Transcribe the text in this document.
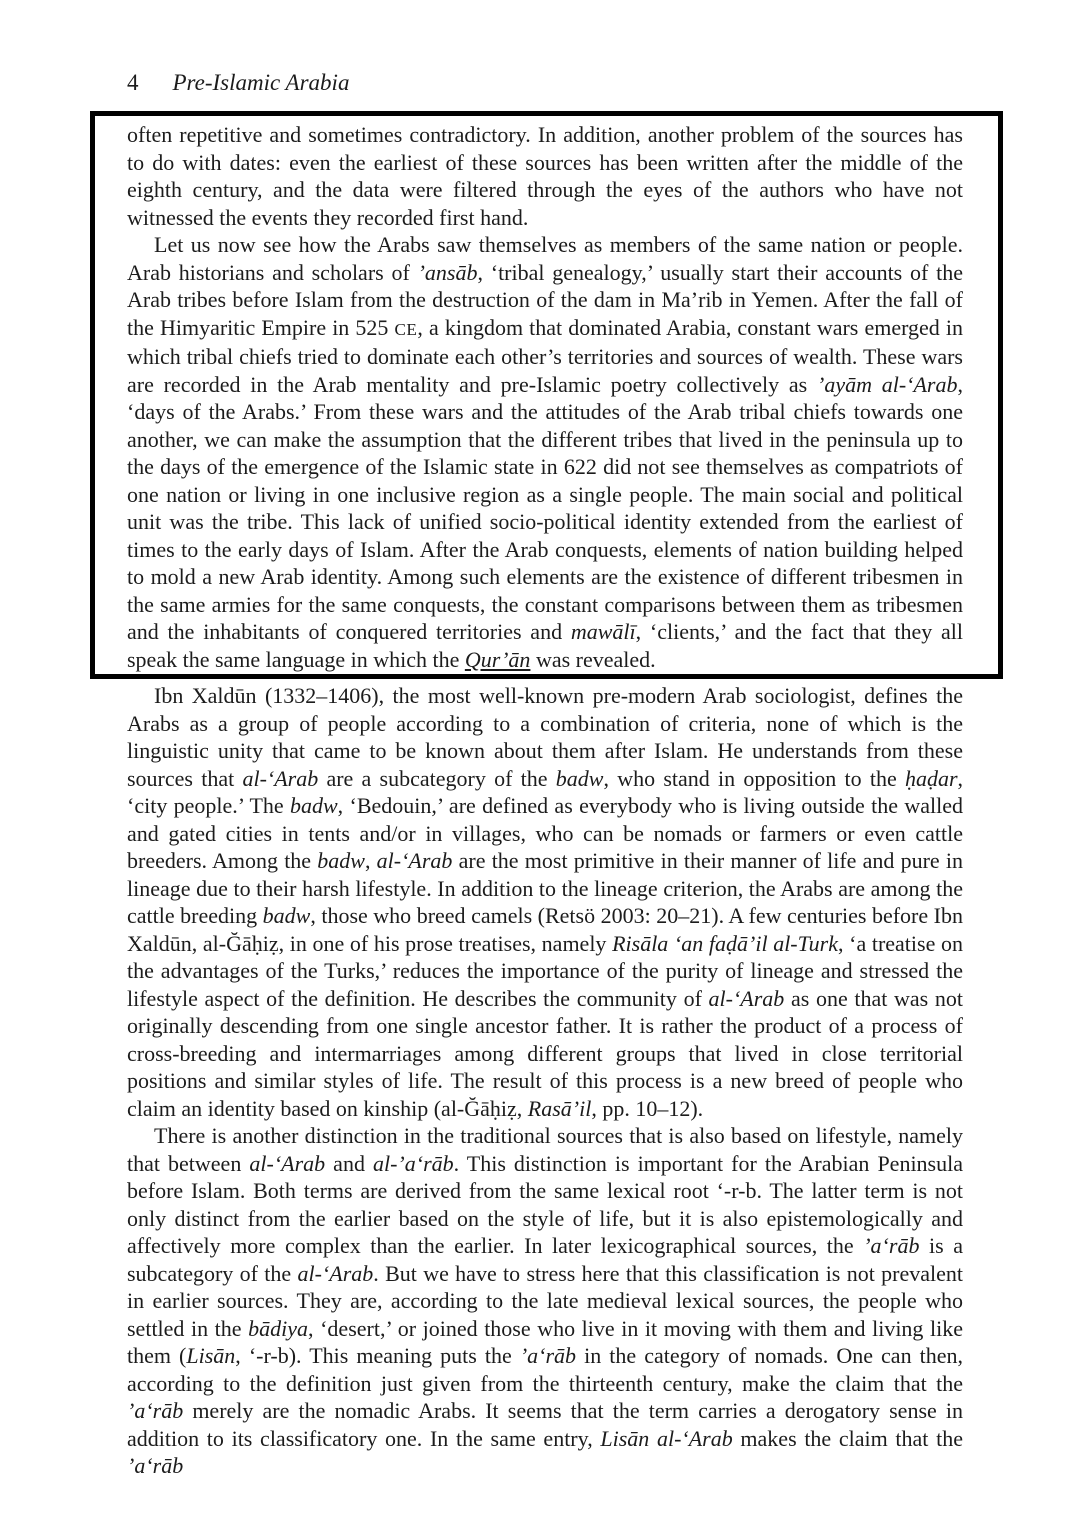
4 Pre-Islamic Arabia

often repetitive and sometimes contradictory. In addition, another problem of the sources has to do with dates: even the earliest of these sources has been written after the middle of the eighth century, and the data were filtered through the eyes of the authors who have not witnessed the events they recorded first hand.

Let us now see how the Arabs saw themselves as members of the same nation or people. Arab historians and scholars of ’ansāb, ‘tribal genealogy,’ usually start their accounts of the Arab tribes before Islam from the destruction of the dam in Ma’rib in Yemen. After the fall of the Himyaritic Empire in 525 CE, a kingdom that dominated Arabia, constant wars emerged in which tribal chiefs tried to dominate each other’s territories and sources of wealth. These wars are recorded in the Arab mentality and pre-Islamic poetry collectively as ’ayām al-‘Arab, ‘days of the Arabs.’ From these wars and the attitudes of the Arab tribal chiefs towards one another, we can make the assumption that the different tribes that lived in the peninsula up to the days of the emergence of the Islamic state in 622 did not see themselves as compatriots of one nation or living in one inclusive region as a single people. The main social and political unit was the tribe. This lack of unified socio-political identity extended from the earliest of times to the early days of Islam. After the Arab conquests, elements of nation building helped to mold a new Arab identity. Among such elements are the existence of different tribesmen in the same armies for the same conquests, the constant comparisons between them as tribesmen and the inhabitants of conquered territories and mawālī, ‘clients,’ and the fact that they all speak the same language in which the Qur’ān was revealed.

Ibn Xaldūn (1332–1406), the most well-known pre-modern Arab sociologist, defines the Arabs as a group of people according to a combination of criteria, none of which is the linguistic unity that came to be known about them after Islam. He understands from these sources that al-‘Arab are a subcategory of the badw, who stand in opposition to the ḥaḍar, ‘city people.’ The badw, ‘Bedouin,’ are defined as everybody who is living outside the walled and gated cities in tents and/or in villages, who can be nomads or farmers or even cattle breeders. Among the badw, al-‘Arab are the most primitive in their manner of life and pure in lineage due to their harsh lifestyle. In addition to the lineage criterion, the Arabs are among the cattle breeding badw, those who breed camels (Retsö 2003: 20–21). A few centuries before Ibn Xaldūn, al-Ğāḥiẓ, in one of his prose treatises, namely Risāla ‘an faḍā’il al-Turk, ‘a treatise on the advantages of the Turks,’ reduces the importance of the purity of lineage and stressed the lifestyle aspect of the definition. He describes the community of al-‘Arab as one that was not originally descending from one single ancestor father. It is rather the product of a process of cross-breeding and intermarriages among different groups that lived in close territorial positions and similar styles of life. The result of this process is a new breed of people who claim an identity based on kinship (al-Ğāḥiẓ, Rasā’il, pp. 10–12).

There is another distinction in the traditional sources that is also based on lifestyle, namely that between al-‘Arab and al-’a‘rāb. This distinction is important for the Arabian Peninsula before Islam. Both terms are derived from the same lexical root ‘-r-b. The latter term is not only distinct from the earlier based on the style of life, but it is also epistemologically and affectively more complex than the earlier. In later lexicographical sources, the ’a‘rāb is a subcategory of the al-‘Arab. But we have to stress here that this classification is not prevalent in earlier sources. They are, according to the late medieval lexical sources, the people who settled in the bādiya, ‘desert,’ or joined those who live in it moving with them and living like them (Lisān, ‘-r-b). This meaning puts the ’a‘rāb in the category of nomads. One can then, according to the definition just given from the thirteenth century, make the claim that the ’a‘rāb merely are the nomadic Arabs. It seems that the term carries a derogatory sense in addition to its classificatory one. In the same entry, Lisān al-‘Arab makes the claim that the ’a‘rāb
